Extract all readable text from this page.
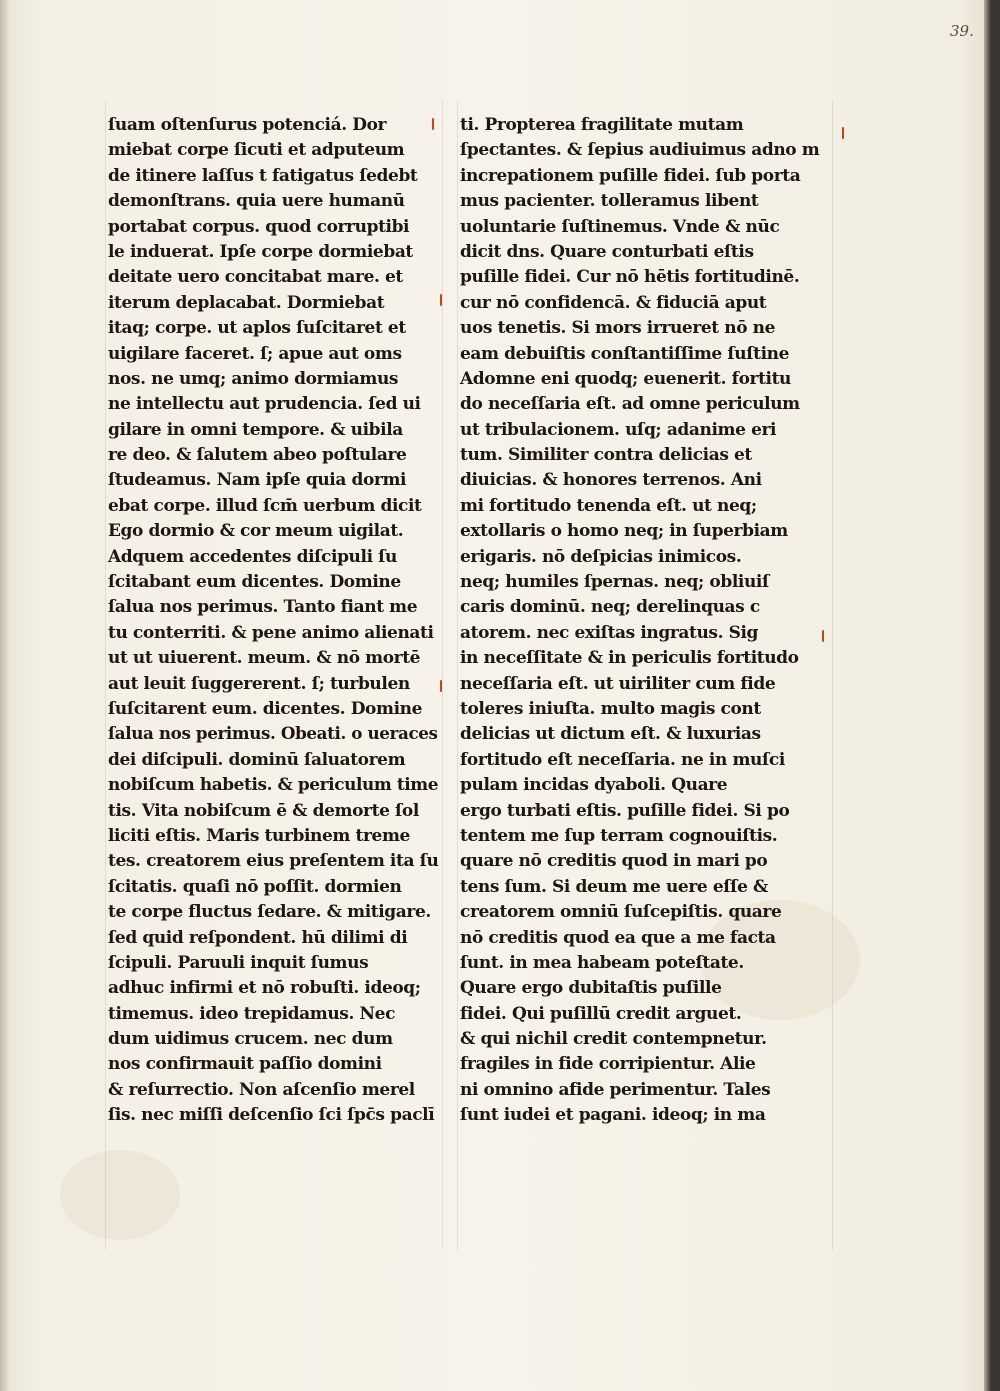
39.
ſuam oſtenſurus potenciá. Dor
miebat corpe ſicuti et adputeum
de itinere laſſus t fatigatus ſedebt
demonſtrans. quia uere humanū
portabat corpus. quod corruptibi
le induerat. Ipſe corpe dormiebat
deitate uero concitabat mare. et
iterum deplacabat. Dormiebat
itaq; corpe. ut aplos ſuſcitaret et
uigilare faceret. ſ; apue aut oms
nos. ne umq; animo dormiamus
ne intellectu aut prudencia. ſed ui
gilare in omni tempore. & uibila
re deo. & ſalutem abeo poſtulare
ſtudeamus. Nam ipſe quia dormi
ebat corpe. illud ſcm̄ uerbum dicit
Ego dormio & cor meum uigilat.
Adquem accedentes diſcipuli ſu
ſcitabant eum dicentes. Domine
ſalua nos perimus. Tanto fiant me
tu conterriti. & pene animo alienati
ut ut uiuerent. meum. & nō mortē
aut leuit ſuggererent. ſ; turbulen
ſuſcitarent eum. dicentes. Domine
ſalua nos perimus. Obeati. o ueraces
dei diſcipuli. dominū ſaluatorem
nobiſcum habetis. & periculum time
tis. Vita nobiſcum ē & demorte ſol
liciti eſtis. Maris turbinem treme
tes. creatorem eius preſentem ita ſu
ſcitatis. quaſi nō poſſit. dormien
te corpe fluctus ſedare. & mitigare.
ſed quid reſpondent. hū dilimi di
ſcipuli. Paruuli inquit ſumus
adhuc infirmi et nō robuſti. ideoq;
timemus. ideo trepidamus. Nec
dum uidimus crucem. nec dum
nos confirmauit paſſio domini
& reſurrectio. Non aſcenſio merel
ſis. nec miſſi deſcenſio ſci ſpc̄s paclī
ti. Propterea fragilitate mutam
ſpectantes. & ſepius audiuimus adno m
increpationem puſille fidei. ſub porta
mus pacienter. tolleramus libent
uoluntarie ſuſtinemus. Vnde & nūc
dicit dns. Quare conturbati eſtis
puſille fidei. Cur nō hētis fortitudinē.
cur nō confidencā. & fiduciā aput
uos tenetis. Si mors irrueret nō ne
eam debuiſtis conſtantiſſime ſuſtine
Adomne eni quodq; euenerit. fortitu
do neceſſaria eſt. ad omne periculum
ut tribulacionem. uſq; adanime eri
tum. Similiter contra delicias et
diuicias. & honores terrenos. Ani
mi fortitudo tenenda eſt. ut neq;
extollaris o homo neq; in ſuperbiam
erigaris. nō deſpicias inimicos.
neq; humiles ſpernas. neq; obliuiſ
caris dominū. neq; derelinquas c
atorem. nec exiſtas ingratus. Sig
in neceſſitate & in periculis fortitudo
neceſſaria eſt. ut uiriliter cum fide
toleres iniuſta. multo magis cont
delicias ut dictum eſt. & luxurias
fortitudo eſt neceſſaria. ne in muſci
pulam incidas dyaboli. Quare
ergo turbati eſtis. puſille fidei. Si po
tentem me ſup terram cognouiſtis.
quare nō creditis quod in mari po
tens ſum. Si deum me uere eſſe &
creatorem omniū ſuſcepiſtis. quare
nō creditis quod ea que a me facta
ſunt. in mea habeam poteſtate.
Quare ergo dubitaſtis puſille
fidei. Qui puſillū credit arguet.
& qui nichil credit contempnetur.
fragiles in fide corripientur. Alie
ni omnino afide perimentur. Tales
ſunt iudei et pagani. ideoq; in ma
